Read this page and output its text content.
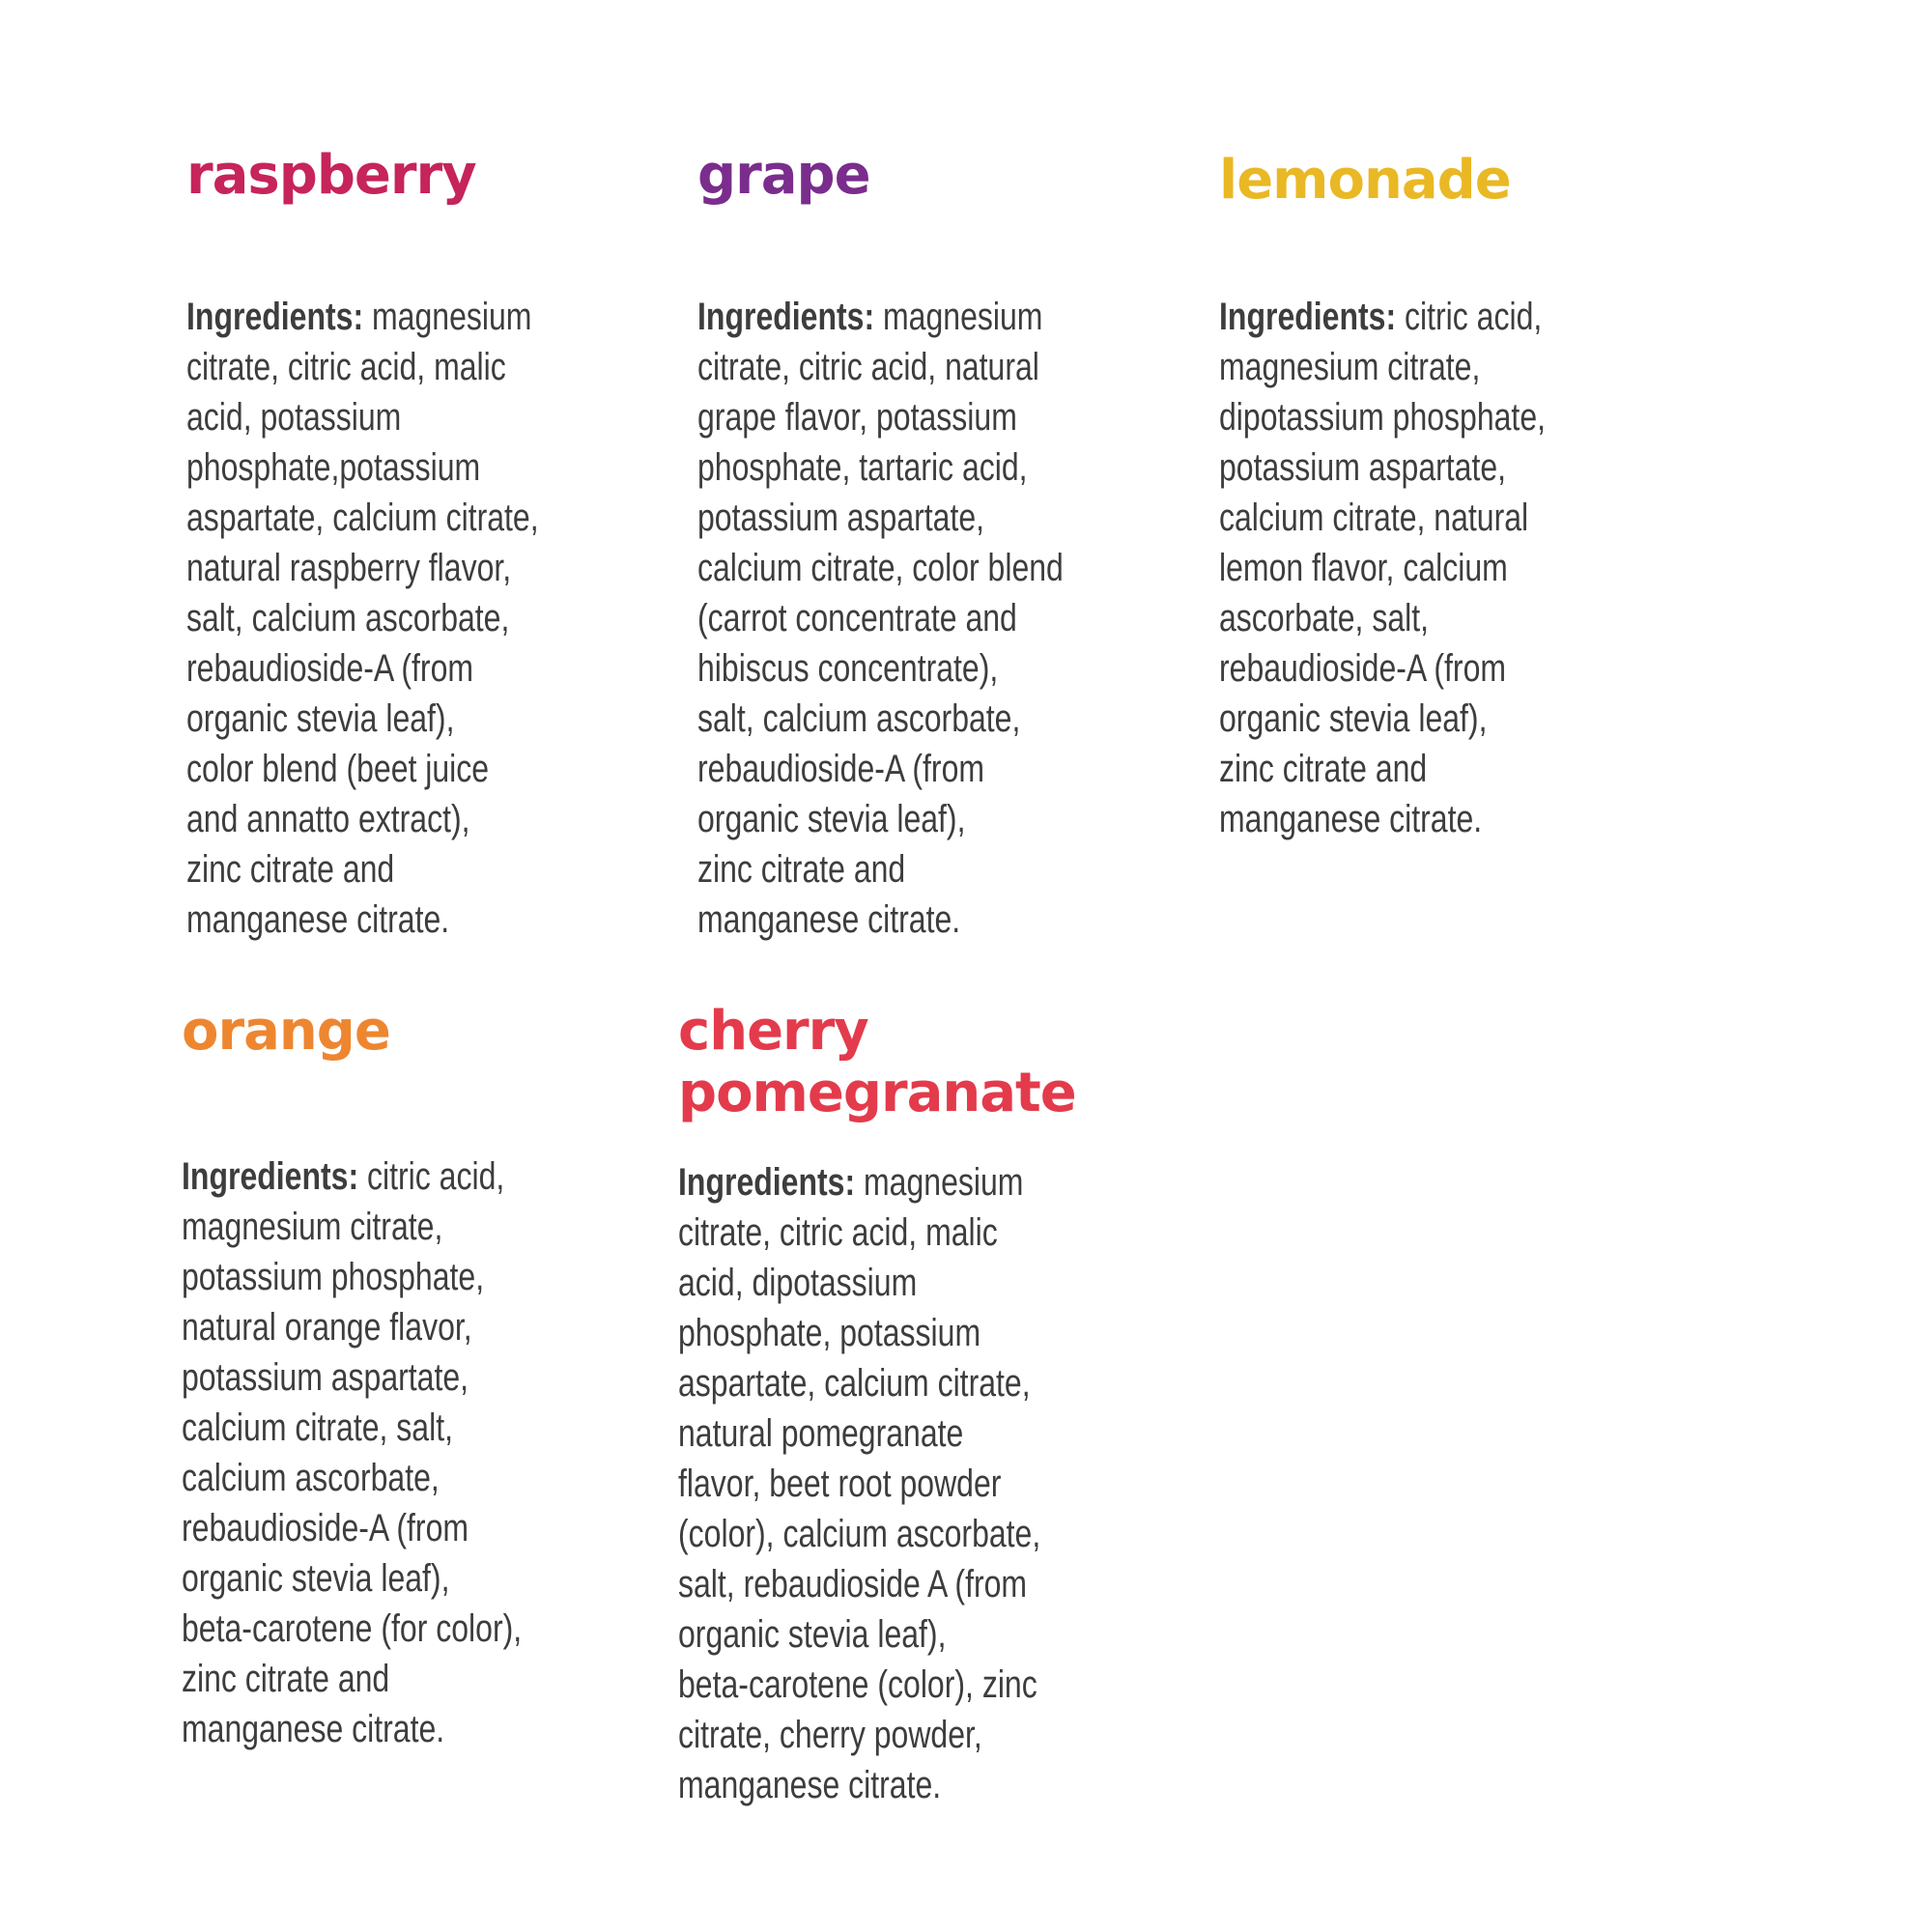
raspberry
Ingredients: magnesium
citrate, citric acid, malic
acid, potassium
phosphate,potassium
aspartate, calcium citrate,
natural raspberry flavor,
salt, calcium ascorbate,
rebaudioside-A (from
organic stevia leaf),
color blend (beet juice
and annatto extract),
zinc citrate and
manganese citrate.
grape
Ingredients: magnesium
citrate, citric acid, natural
grape flavor, potassium
phosphate, tartaric acid,
potassium aspartate,
calcium citrate, color blend
(carrot concentrate and
hibiscus concentrate),
salt, calcium ascorbate,
rebaudioside-A (from
organic stevia leaf),
zinc citrate and
manganese citrate.
lemonade
Ingredients: citric acid,
magnesium citrate,
dipotassium phosphate,
potassium aspartate,
calcium citrate, natural
lemon flavor, calcium
ascorbate, salt,
rebaudioside-A (from
organic stevia leaf),
zinc citrate and
manganese citrate.
orange
Ingredients: citric acid,
magnesium citrate,
potassium phosphate,
natural orange flavor,
potassium aspartate,
calcium citrate, salt,
calcium ascorbate,
rebaudioside-A (from
organic stevia leaf),
beta-carotene (for color),
zinc citrate and
manganese citrate.
cherry
pomegranate
Ingredients: magnesium
citrate, citric acid, malic
acid, dipotassium
phosphate, potassium
aspartate, calcium citrate,
natural pomegranate
flavor, beet root powder
(color), calcium ascorbate,
salt, rebaudioside A (from
organic stevia leaf),
beta-carotene (color), zinc
citrate, cherry powder,
manganese citrate.
